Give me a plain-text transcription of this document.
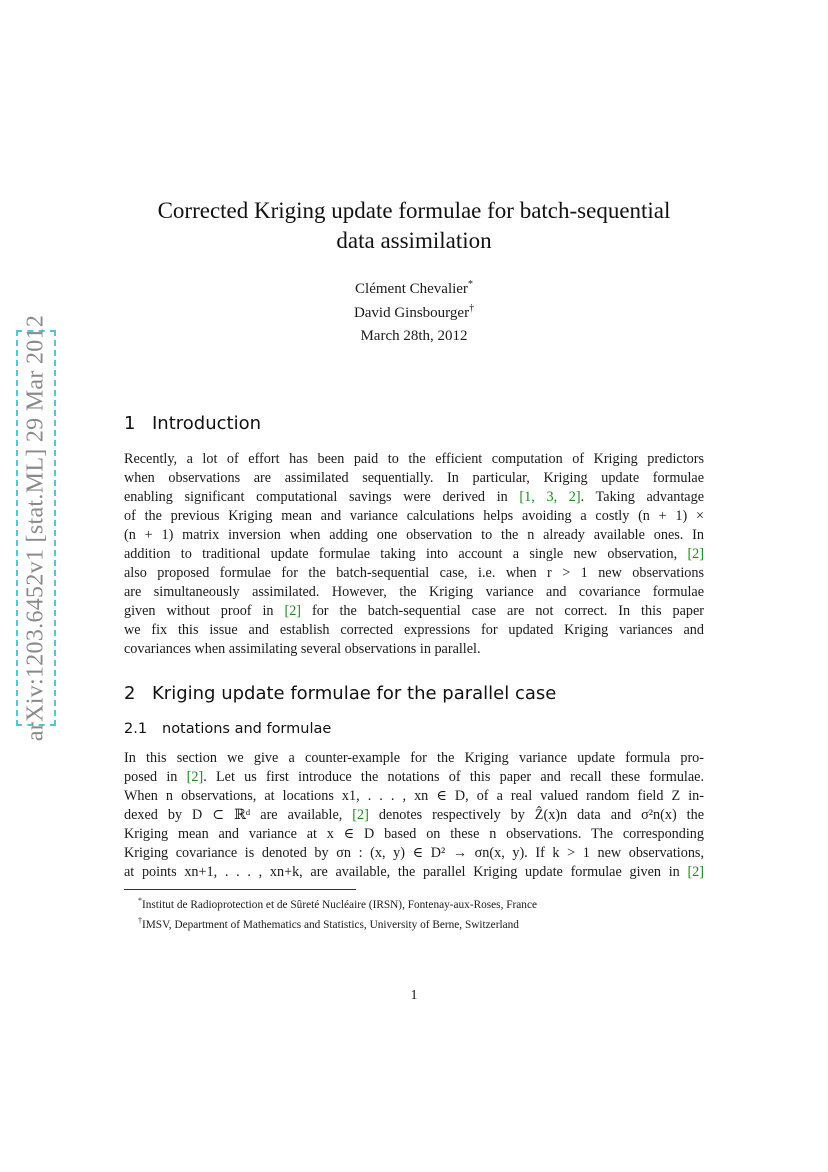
arXiv:1203.6452v1 [stat.ML] 29 Mar 2012
Corrected Kriging update formulae for batch-sequential
data assimilation
Clément Chevalier*
David Ginsbourger†
March 28th, 2012
1 Introduction
Recently, a lot of effort has been paid to the efficient computation of Kriging predictors
when observations are assimilated sequentially. In particular, Kriging update formulae
enabling significant computational savings were derived in [1, 3, 2]. Taking advantage
of the previous Kriging mean and variance calculations helps avoiding a costly (n + 1) ×
(n + 1) matrix inversion when adding one observation to the n already available ones. In
addition to traditional update formulae taking into account a single new observation, [2]
also proposed formulae for the batch-sequential case, i.e. when r > 1 new observations
are simultaneously assimilated. However, the Kriging variance and covariance formulae
given without proof in [2] for the batch-sequential case are not correct. In this paper
we fix this issue and establish corrected expressions for updated Kriging variances and
covariances when assimilating several observations in parallel.
2 Kriging update formulae for the parallel case
2.1 notations and formulae
In this section we give a counter-example for the Kriging variance update formula pro-
posed in [2]. Let us first introduce the notations of this paper and recall these formulae.
When n observations, at locations x1, . . . , xn ∈ D, of a real valued random field Z in-
dexed by D ⊂ ℝᵈ are available, [2] denotes respectively by Ẑ(x)n data and σ²n(x) the
Kriging mean and variance at x ∈ D based on these n observations. The corresponding
Kriging covariance is denoted by σn : (x, y) ∈ D² → σn(x, y). If k > 1 new observations,
at points xn+1, . . . , xn+k, are available, the parallel Kriging update formulae given in [2]
*Institut de Radioprotection et de Sûreté Nucléaire (IRSN), Fontenay-aux-Roses, France
†IMSV, Department of Mathematics and Statistics, University of Berne, Switzerland
1
